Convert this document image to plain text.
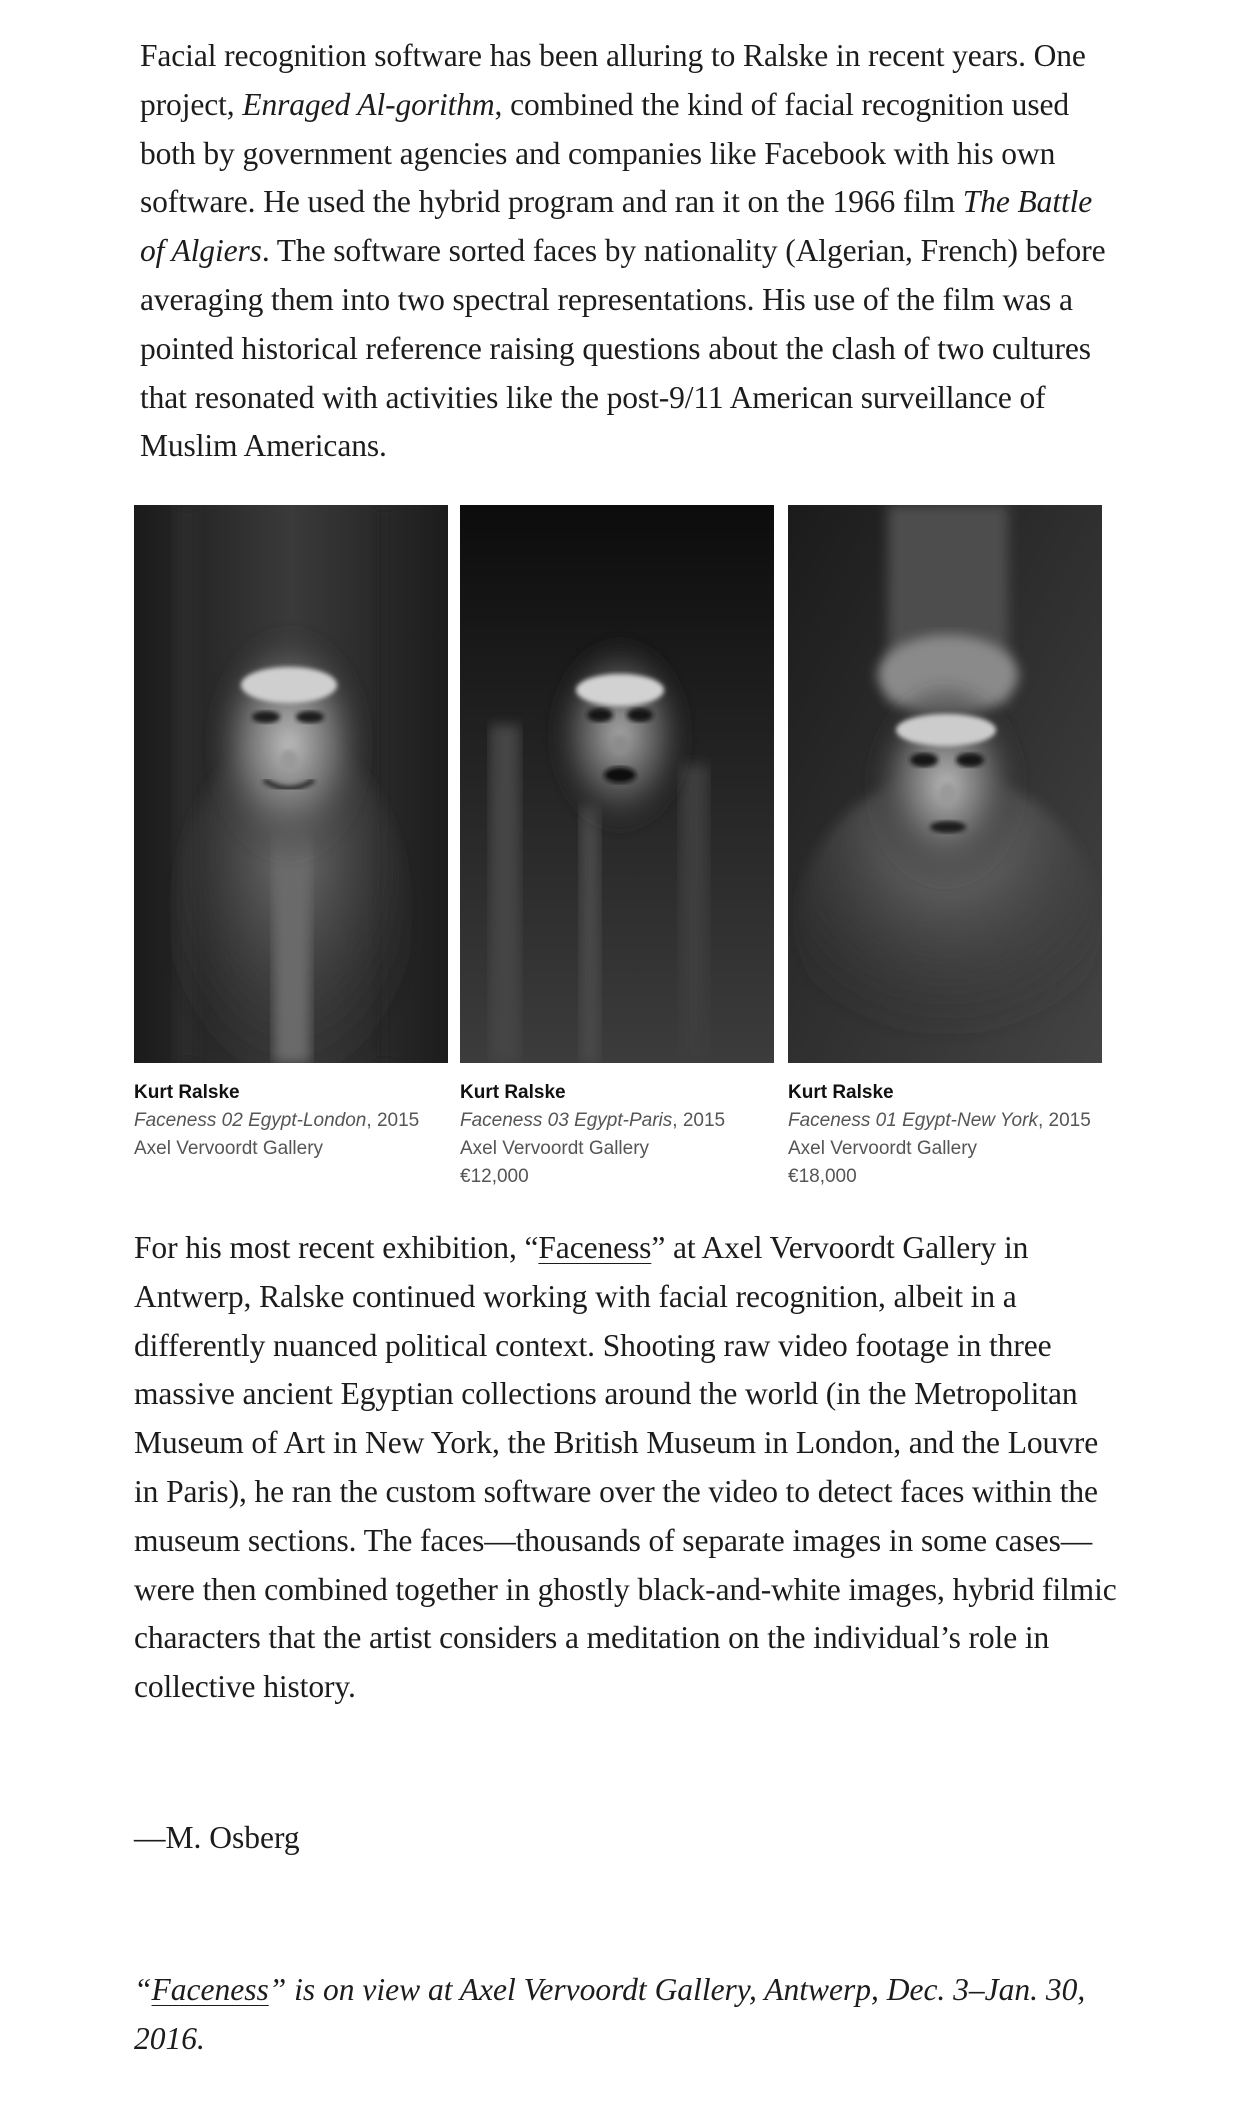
Facial recognition software has been alluring to Ralske in recent years. One project, Enraged Al-gorithm, combined the kind of facial recognition used both by government agencies and companies like Facebook with his own software. He used the hybrid program and ran it on the 1966 film The Battle of Algiers. The software sorted faces by nationality (Algerian, French) before averaging them into two spectral representations. His use of the film was a pointed historical reference raising questions about the clash of two cultures that resonated with activities like the post-9/11 American surveillance of Muslim Americans.

Kurt Ralske
Faceness 02 Egypt-London, 2015
Axel Vervoordt Gallery
Kurt Ralske
Faceness 03 Egypt-Paris, 2015
Axel Vervoordt Gallery
€12,000
Kurt Ralske
Faceness 01 Egypt-New York, 2015
Axel Vervoordt Gallery
€18,000

For his most recent exhibition, “Faceness” at Axel Vervoordt Gallery in Antwerp, Ralske continued working with facial recognition, albeit in a differently nuanced political context. Shooting raw video footage in three massive ancient Egyptian collections around the world (in the Metropolitan Museum of Art in New York, the British Museum in London, and the Louvre in Paris), he ran the custom software over the video to detect faces within the museum sections. The faces—thousands of separate images in some cases—were then combined together in ghostly black-and-white images, hybrid filmic characters that the artist considers a meditation on the individual’s role in collective history.

—M. Osberg

“Faceness” is on view at Axel Vervoordt Gallery, Antwerp, Dec. 3–Jan. 30, 2016.
